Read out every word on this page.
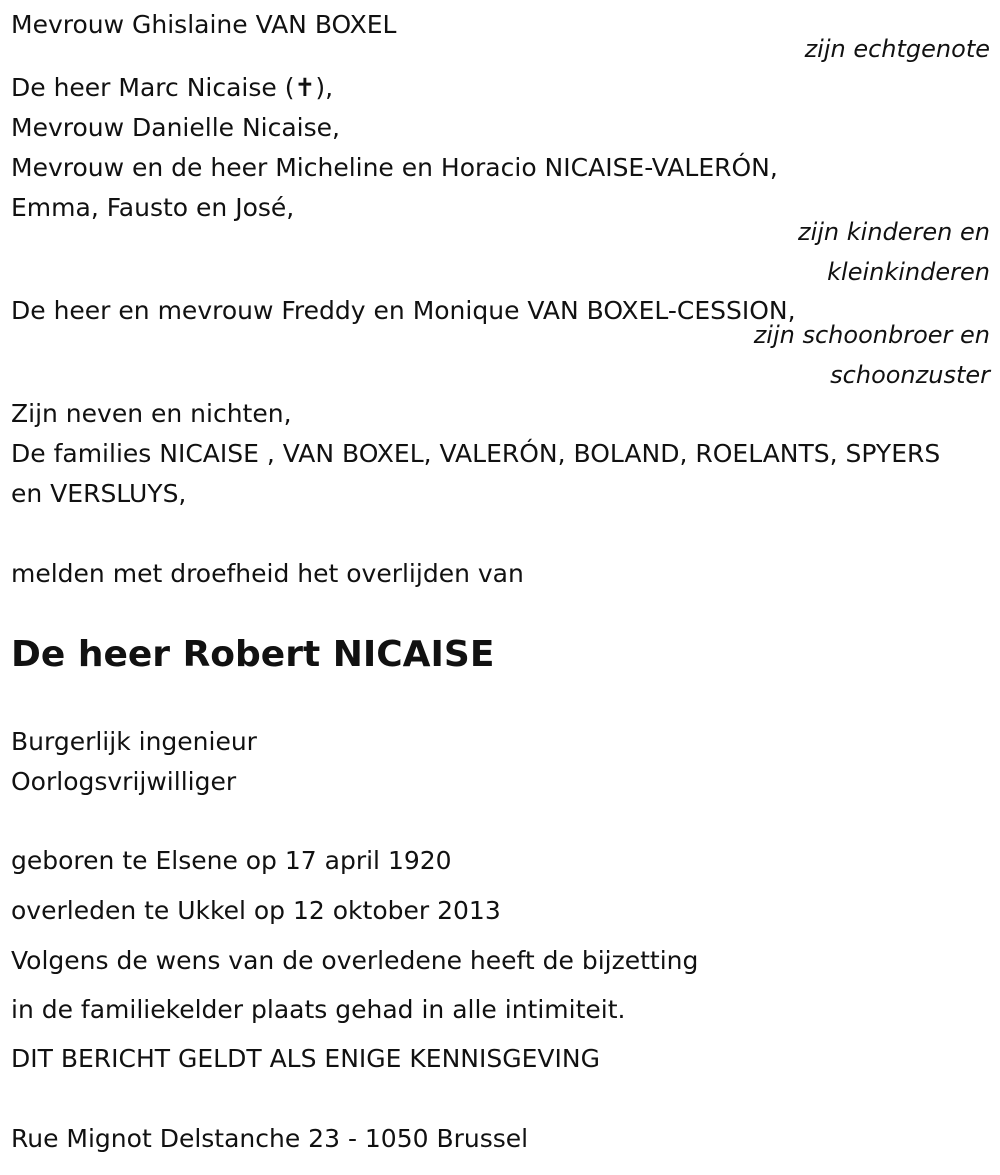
Mevrouw Ghislaine VAN BOXEL

zijn echtgenote

De heer Marc Nicaise (✝),

Mevrouw Danielle Nicaise,

Mevrouw en de heer Micheline en Horacio NICAISE-VALERÓN,

Emma, Fausto en José,

zijn kinderen en

kleinkinderen

De heer en mevrouw Freddy en Monique VAN BOXEL-CESSION,

zijn schoonbroer en

schoonzuster

Zijn neven en nichten,

De families NICAISE , VAN BOXEL, VALERÓN, BOLAND, ROELANTS, SPYERS

en VERSLUYS,

melden met droefheid het overlijden van

De heer Robert NICAISE

Burgerlijk ingenieur

Oorlogsvrijwilliger

geboren te Elsene op 17 april 1920

overleden te Ukkel op 12 oktober 2013

Volgens de wens van de overledene heeft de bijzetting

in de familiekelder plaats gehad in alle intimiteit.

DIT BERICHT GELDT ALS ENIGE KENNISGEVING

Rue Mignot Delstanche 23 - 1050 Brussel
